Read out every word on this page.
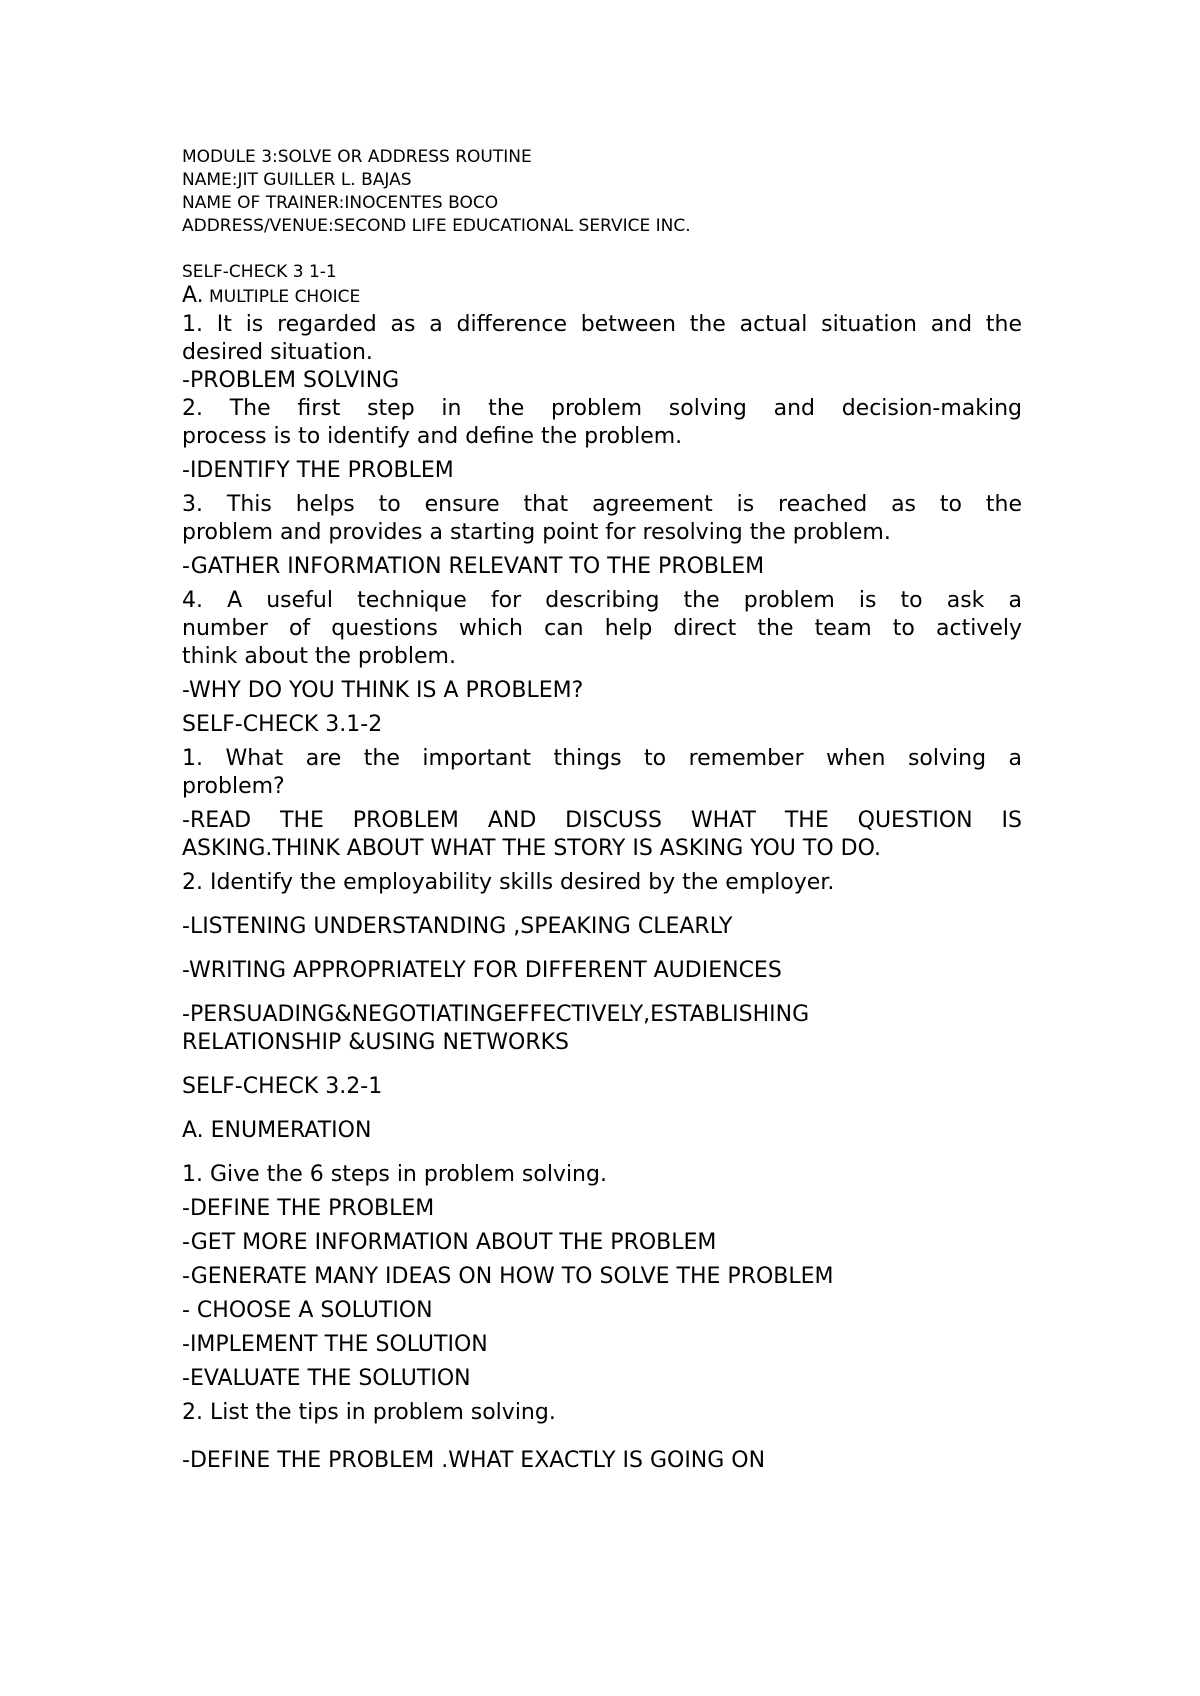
MODULE 3:SOLVE OR ADDRESS ROUTINE

NAME:JIT GUILLER L. BAJAS

NAME OF TRAINER:INOCENTES BOCO

ADDRESS/VENUE:SECOND LIFE EDUCATIONAL SERVICE INC.

SELF-CHECK 3 1-1

A. MULTIPLE CHOICE

1. It is regarded as a difference between the actual situation and the desired situation.

-PROBLEM SOLVING

2. The first step in the problem solving and decision-making

process is to identify and define the problem.

-IDENTIFY THE PROBLEM

3. This helps to ensure that agreement is reached as to the

problem and provides a starting point for resolving the problem.

-GATHER INFORMATION RELEVANT TO THE PROBLEM

4. A useful technique for describing the problem is to ask a

number of questions which can help direct the team to actively

think about the problem.

-WHY DO YOU THINK IS A PROBLEM?

SELF-CHECK 3.1-2

1. What are the important things to remember when solving a

problem?

-READ THE PROBLEM AND DISCUSS WHAT THE QUESTION IS

ASKING.THINK ABOUT WHAT THE STORY IS ASKING YOU TO DO.

2. Identify the employability skills desired by the employer.

-LISTENING UNDERSTANDING ,SPEAKING CLEARLY

-WRITING APPROPRIATELY FOR DIFFERENT AUDIENCES

-PERSUADING&NEGOTIATINGEFFECTIVELY,ESTABLISHING

RELATIONSHIP &USING NETWORKS

SELF-CHECK 3.2-1

A. ENUMERATION

1. Give the 6 steps in problem solving.

-DEFINE THE PROBLEM

-GET MORE INFORMATION ABOUT THE PROBLEM

-GENERATE MANY IDEAS ON HOW TO SOLVE THE PROBLEM

- CHOOSE A SOLUTION

-IMPLEMENT THE SOLUTION

-EVALUATE THE SOLUTION

2. List the tips in problem solving.

-DEFINE THE PROBLEM .WHAT EXACTLY IS GOING ON
